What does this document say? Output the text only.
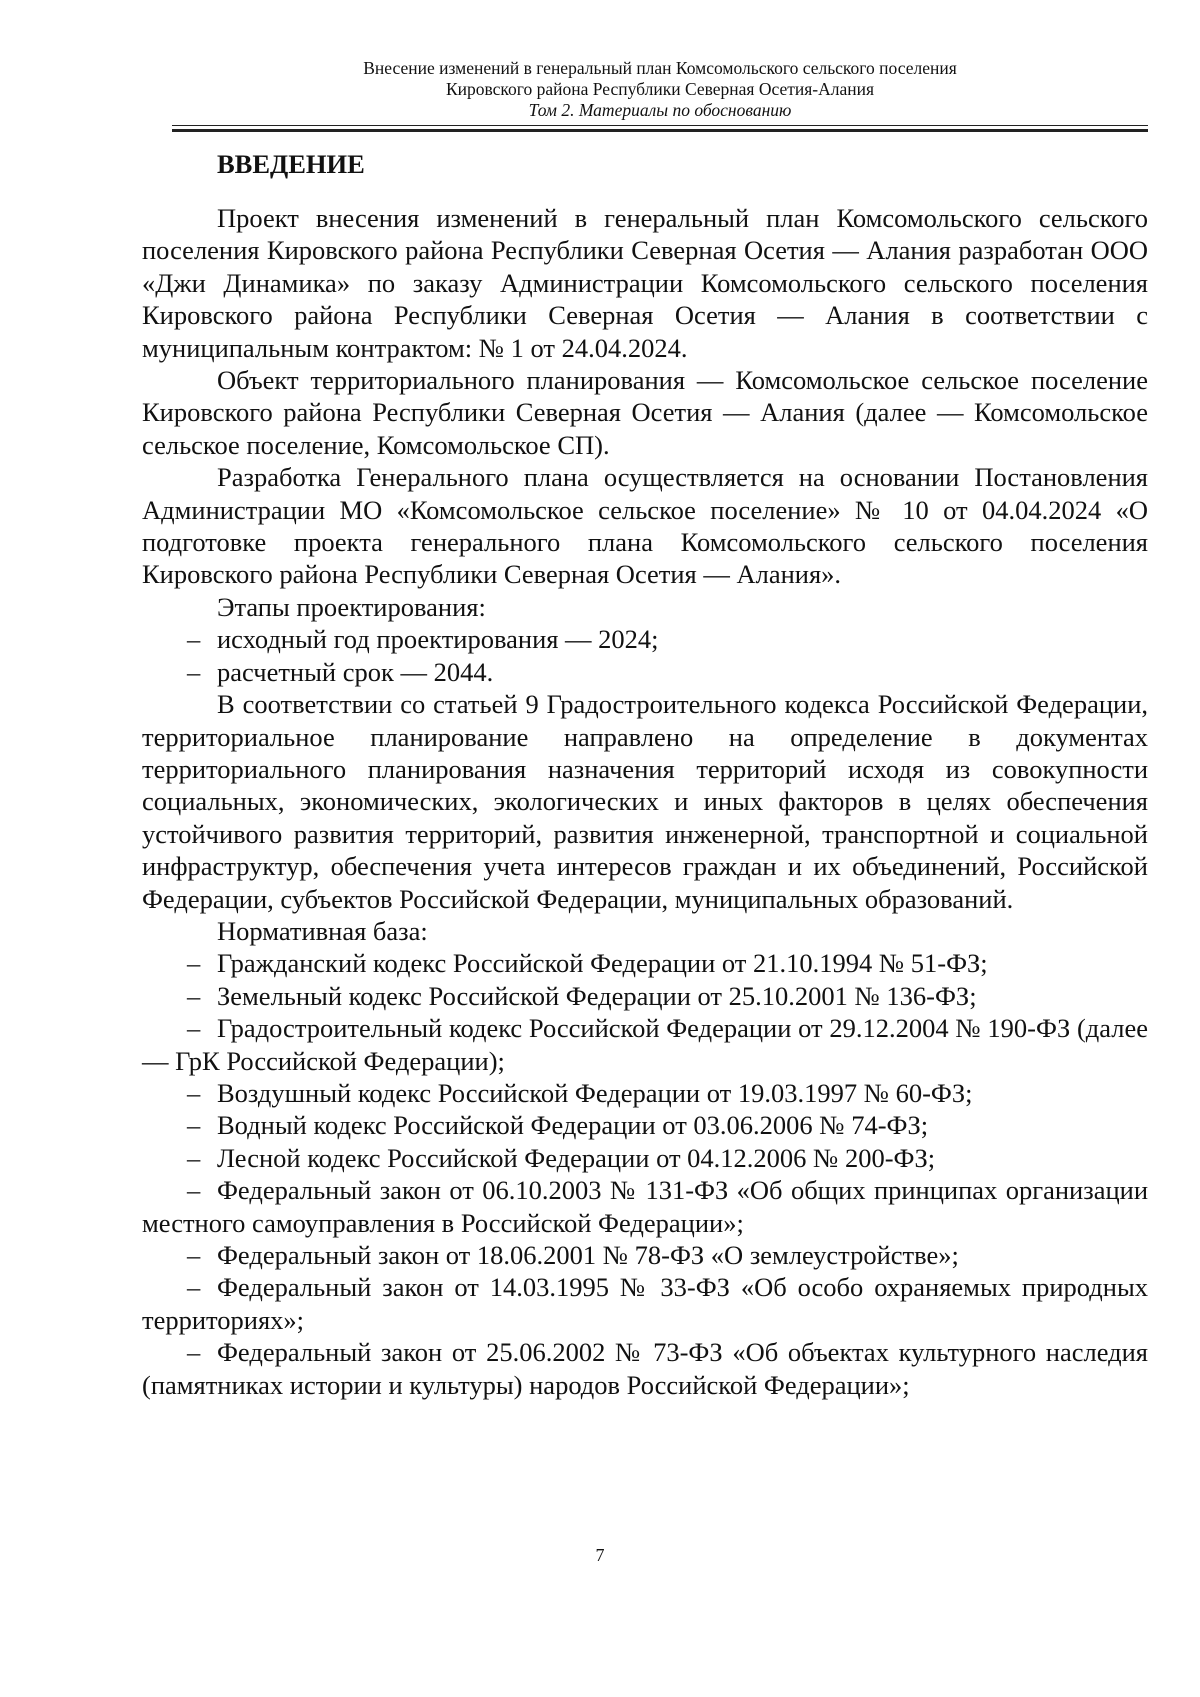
Внесение изменений в генеральный план Комсомольского сельского поселения
Кировского района Республики Северная Осетия-Алания
Том 2. Материалы по обоснованию
ВВЕДЕНИЕ

Проект внесения изменений в генеральный план Комсомольского сельского поселения Кировского района Республики Северная Осетия — Алания разработан ООО «Джи Динамика» по заказу Администрации Комсомольского сельского поселения Кировского района Республики Северная Осетия — Алания в соответствии с муниципальным контрактом: № 1 от 24.04.2024.

Объект территориального планирования — Комсомольское сельское поселение Кировского района Республики Северная Осетия — Алания (далее — Комсомольское сельское поселение, Комсомольское СП).

Разработка Генерального плана осуществляется на основании Постановления Администрации МО «Комсомольское сельское поселение» № 10 от 04.04.2024 «О подготовке проекта генерального плана Комсомольского сельского поселения Кировского района Республики Северная Осетия — Алания».

Этапы проектирования:

– исходный год проектирования — 2024;
– расчетный срок — 2044.

В соответствии со статьей 9 Градостроительного кодекса Российской Федерации, территориальное планирование направлено на определение в документах территориального планирования назначения территорий исходя из совокупности социальных, экономических, экологических и иных факторов в целях обеспечения устойчивого развития территорий, развития инженерной, транспортной и социальной инфраструктур, обеспечения учета интересов граждан и их объединений, Российской Федерации, субъектов Российской Федерации, муниципальных образований.

Нормативная база:

– Гражданский кодекс Российской Федерации от 21.10.1994 № 51-ФЗ;
– Земельный кодекс Российской Федерации от 25.10.2001 № 136-ФЗ;
– Градостроительный кодекс Российской Федерации от 29.12.2004 № 190-ФЗ (далее — ГрК Российской Федерации);
– Воздушный кодекс Российской Федерации от 19.03.1997 № 60-ФЗ;
– Водный кодекс Российской Федерации от 03.06.2006 № 74-ФЗ;
– Лесной кодекс Российской Федерации от 04.12.2006 № 200-ФЗ;
– Федеральный закон от 06.10.2003 № 131-ФЗ «Об общих принципах организации местного самоуправления в Российской Федерации»;
– Федеральный закон от 18.06.2001 № 78-ФЗ «О землеустройстве»;
– Федеральный закон от 14.03.1995 № 33-ФЗ «Об особо охраняемых природных территориях»;
– Федеральный закон от 25.06.2002 № 73-ФЗ «Об объектах культурного наследия (памятниках истории и культуры) народов Российской Федерации»;
7
